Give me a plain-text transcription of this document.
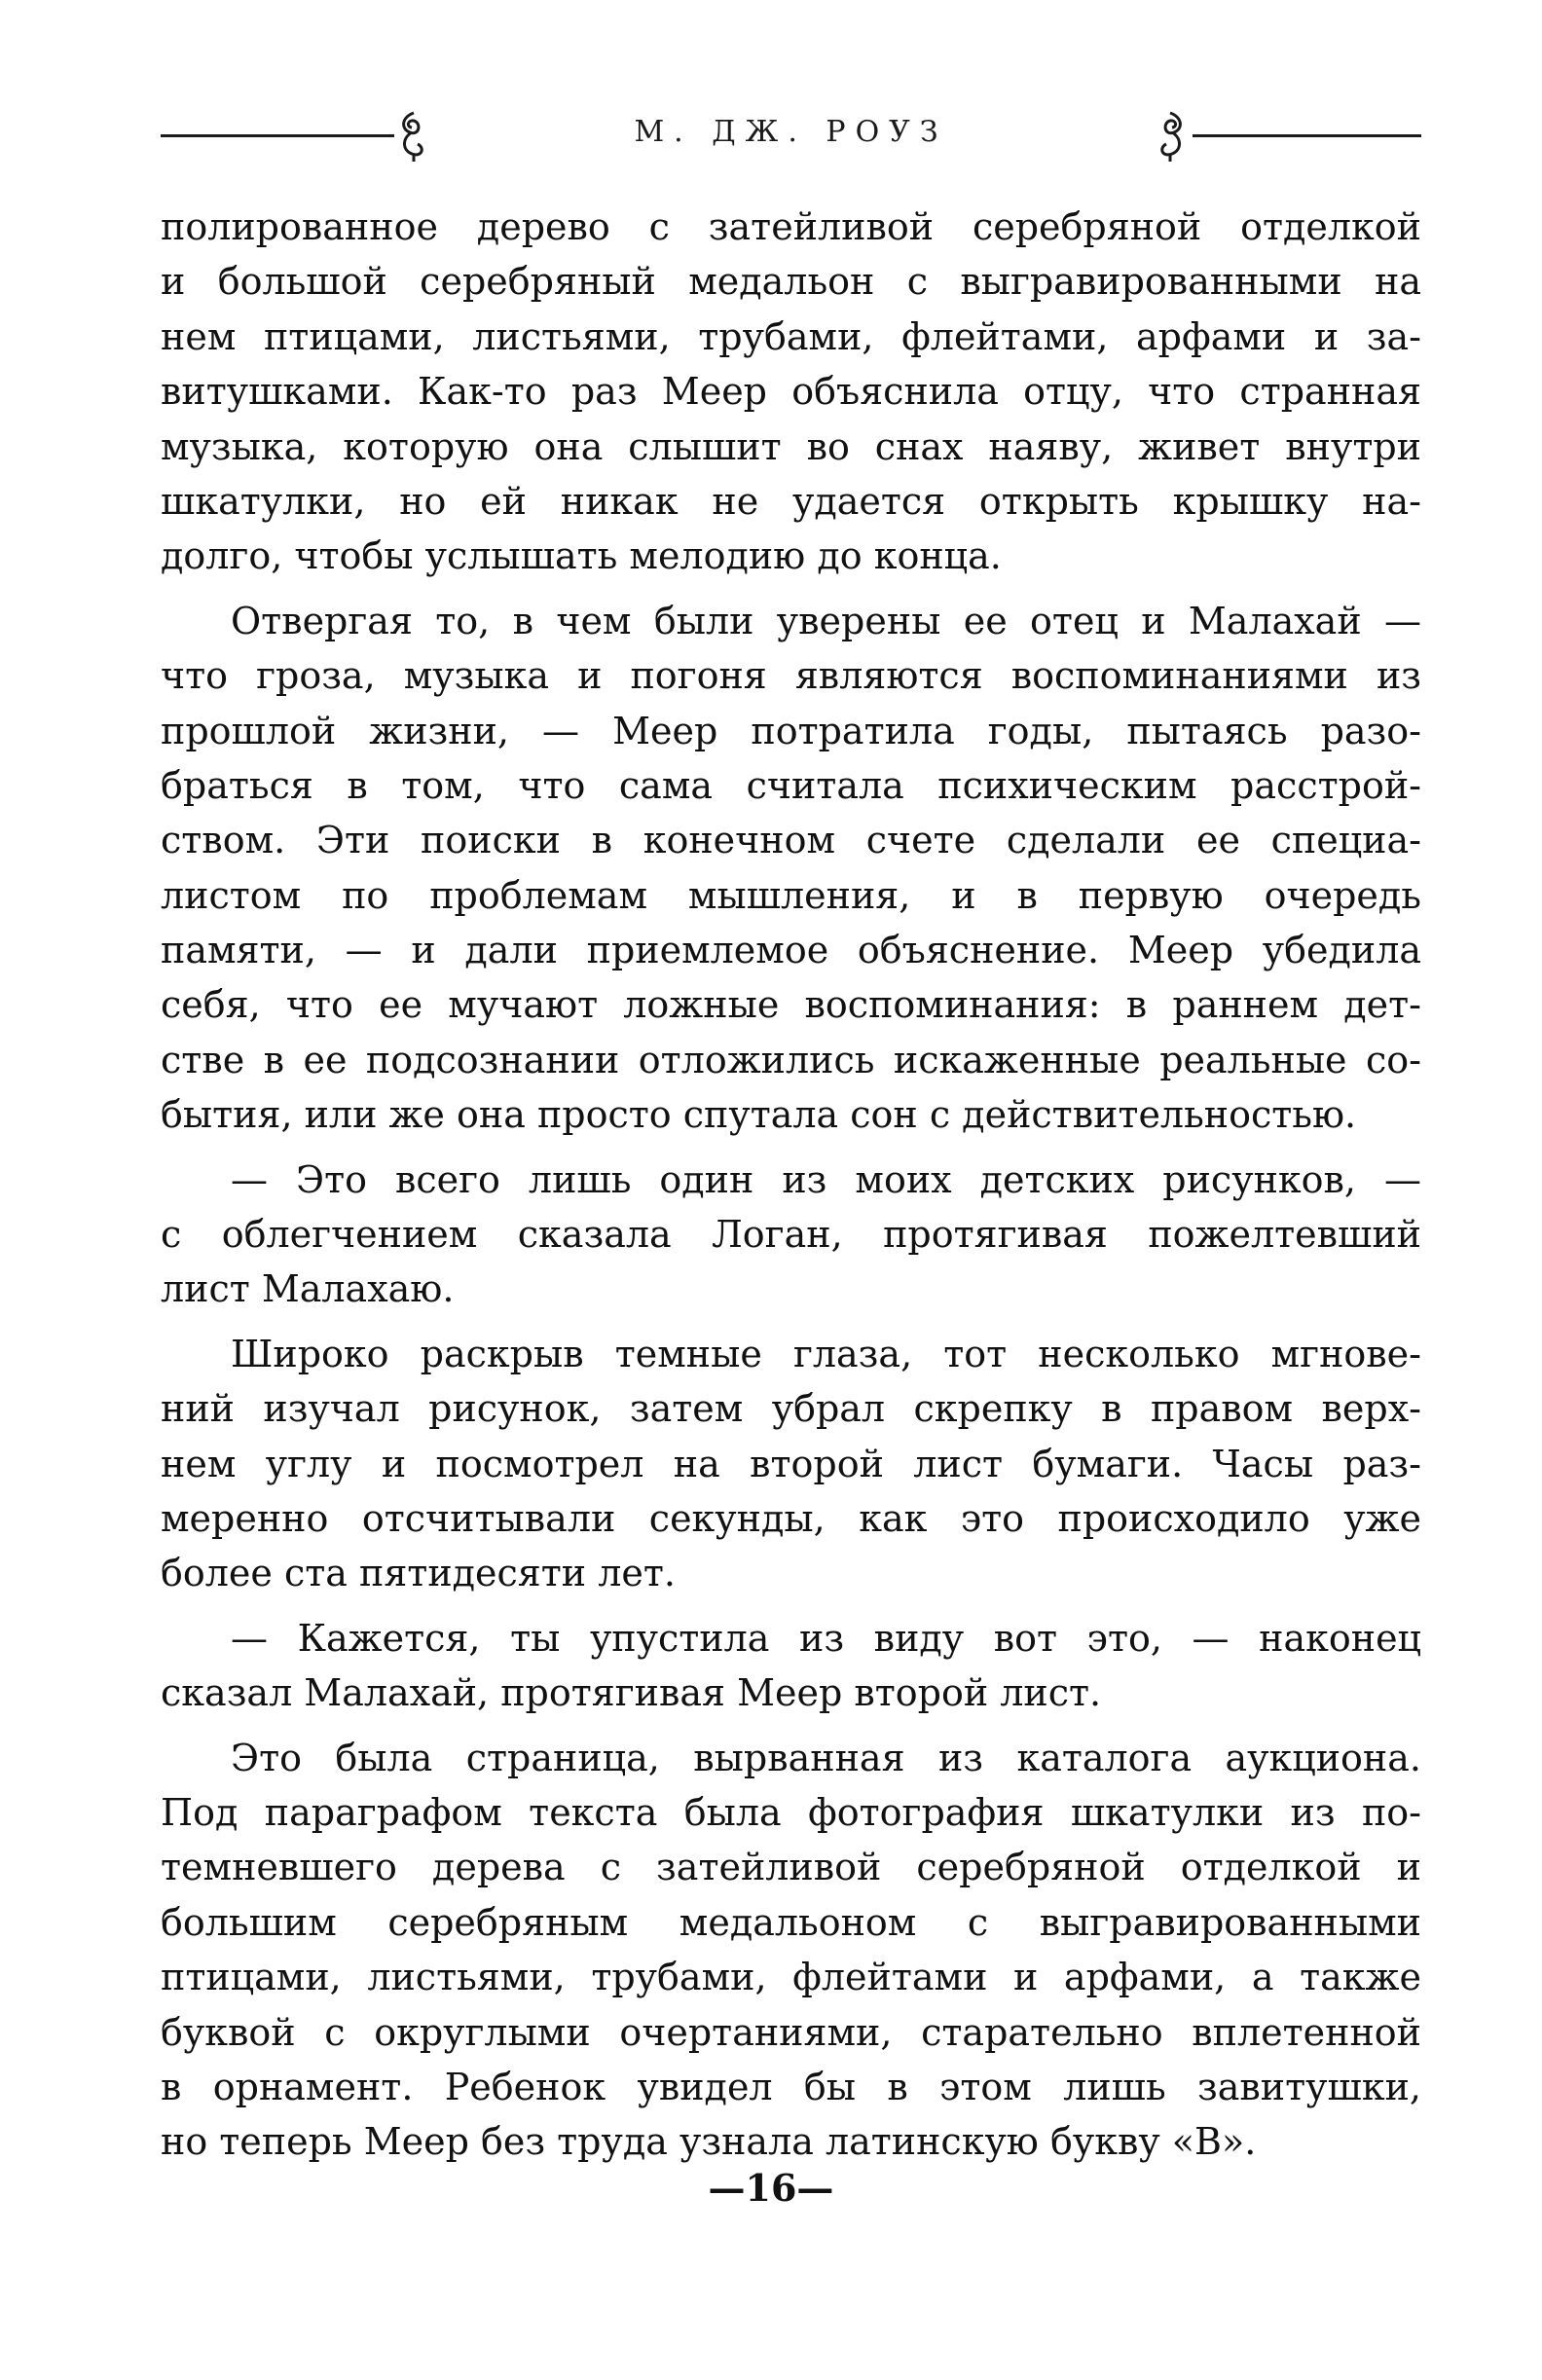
М. ДЖ. РОУЗ
полированное дерево с затейливой серебряной отделкой
и большой серебряный медальон с выгравированными на
нем птицами, листьями, трубами, флейтами, арфами и за-
витушками. Как-то раз Меер объяснила отцу, что странная
музыка, которую она слышит во снах наяву, живет внутри
шкатулки, но ей никак не удается открыть крышку на-
долго, чтобы услышать мелодию до конца.
Отвергая то, в чем были уверены ее отец и Малахай —
что гроза, музыка и погоня являются воспоминаниями из
прошлой жизни, — Меер потратила годы, пытаясь разо-
браться в том, что сама считала психическим расстрой-
ством. Эти поиски в конечном счете сделали ее специа-
листом по проблемам мышления, и в первую очередь
памяти, — и дали приемлемое объяснение. Меер убедила
себя, что ее мучают ложные воспоминания: в раннем дет-
стве в ее подсознании отложились искаженные реальные со-
бытия, или же она просто спутала сон с действительностью.
— Это всего лишь один из моих детских рисунков, —
с облегчением сказала Логан, протягивая пожелтевший
лист Малахаю.
Широко раскрыв темные глаза, тот несколько мгнове-
ний изучал рисунок, затем убрал скрепку в правом верх-
нем углу и посмотрел на второй лист бумаги. Часы раз-
меренно отсчитывали секунды, как это происходило уже
более ста пятидесяти лет.
— Кажется, ты упустила из виду вот это, — наконец
сказал Малахай, протягивая Меер второй лист.
Это была страница, вырванная из каталога аукциона.
Под параграфом текста была фотография шкатулки из по-
темневшего дерева с затейливой серебряной отделкой и
большим серебряным медальоном с выгравированными
птицами, листьями, трубами, флейтами и арфами, а также
буквой с округлыми очертаниями, старательно вплетенной
в орнамент. Ребенок увидел бы в этом лишь завитушки,
но теперь Меер без труда узнала латинскую букву «В».
—16—
